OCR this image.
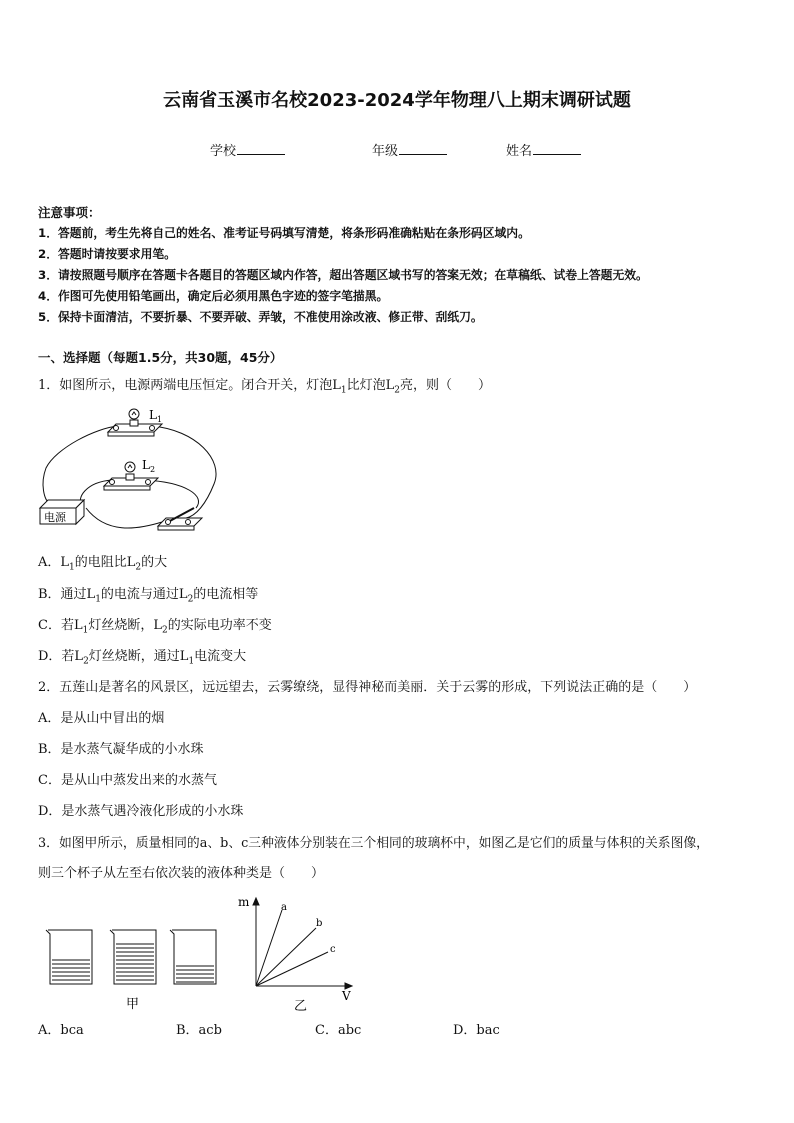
云南省玉溪市名校2023-2024学年物理八上期末调研试题
学校	年级	姓名
注意事项：
1．答题前，考生先将自己的姓名、准考证号码填写清楚，将条形码准确粘贴在条形码区域内。
2．答题时请按要求用笔。
3．请按照题号顺序在答题卡各题目的答题区域内作答，超出答题区域书写的答案无效；在草稿纸、试卷上答题无效。
4．作图可先使用铅笔画出，确定后必须用黑色字迹的签字笔描黑。
5．保持卡面清洁，不要折暴、不要弄破、弄皱，不准使用涂改液、修正带、刮纸刀。
一、选择题（每题1.5分，共30题，45分）
1．如图所示，电源两端电压恒定。闭合开关，灯泡$L_1$比灯泡$L_2$亮，则（　　）
$L_1$
$L_2$
电源
A．$L_1$的电阻比$L_2$的大
B．通过$L_1$的电流与通过$L_2$的电流相等
C．若$L_1$灯丝烧断，$L_2$的实际电功率不变
D．若$L_2$灯丝烧断，通过$L_1$电流变大
2．五莲山是著名的风景区，远远望去，云雾缭绕，显得神秘而美丽．关于云雾的形成，下列说法正确的是（　　）
A．是从山中冒出的烟
B．是水蒸气凝华成的小水珠
C．是从山中蒸发出来的水蒸气
D．是水蒸气遇冷液化形成的小水珠
3．如图甲所示，质量相同的a、b、c三种液体分别装在三个相同的玻璃杯中，如图乙是它们的质量与体积的关系图像，
则三个杯子从左至右依次装的液体种类是（　　）
甲
m
V
a
b
c
乙
A．bca	B．acb	C．abc	D．bac
